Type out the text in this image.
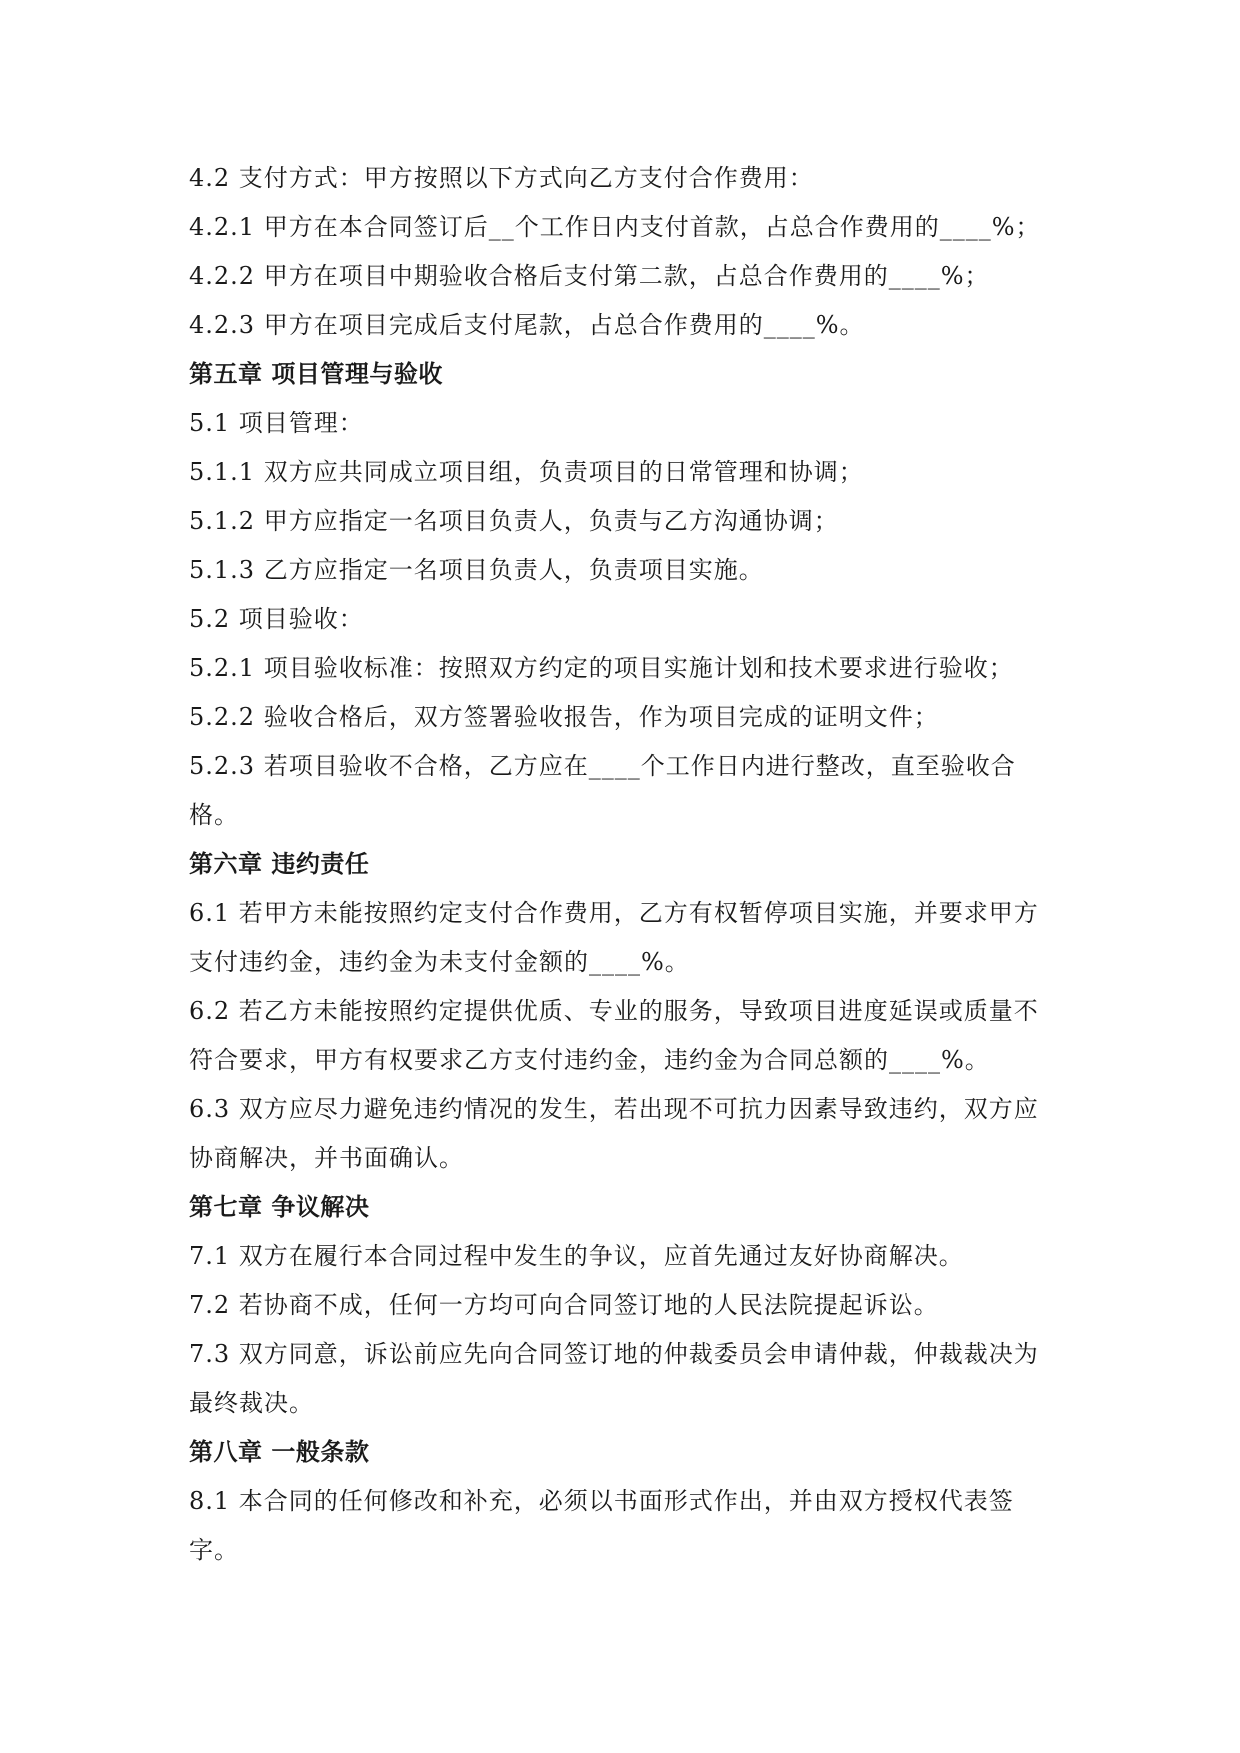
4.2 支付方式：甲方按照以下方式向乙方支付合作费用：
4.2.1 甲方在本合同签订后__个工作日内支付首款，占总合作费用的____%；
4.2.2 甲方在项目中期验收合格后支付第二款，占总合作费用的____%；
4.2.3 甲方在项目完成后支付尾款，占总合作费用的____%。
第五章 项目管理与验收
5.1 项目管理：
5.1.1 双方应共同成立项目组，负责项目的日常管理和协调；
5.1.2 甲方应指定一名项目负责人，负责与乙方沟通协调；
5.1.3 乙方应指定一名项目负责人，负责项目实施。
5.2 项目验收：
5.2.1 项目验收标准：按照双方约定的项目实施计划和技术要求进行验收；
5.2.2 验收合格后，双方签署验收报告，作为项目完成的证明文件；
5.2.3 若项目验收不合格，乙方应在____个工作日内进行整改，直至验收合
格。
第六章 违约责任
6.1 若甲方未能按照约定支付合作费用，乙方有权暂停项目实施，并要求甲方
支付违约金，违约金为未支付金额的____%。
6.2 若乙方未能按照约定提供优质、专业的服务，导致项目进度延误或质量不
符合要求，甲方有权要求乙方支付违约金，违约金为合同总额的____%。
6.3 双方应尽力避免违约情况的发生，若出现不可抗力因素导致违约，双方应
协商解决，并书面确认。
第七章 争议解决
7.1 双方在履行本合同过程中发生的争议，应首先通过友好协商解决。
7.2 若协商不成，任何一方均可向合同签订地的人民法院提起诉讼。
7.3 双方同意，诉讼前应先向合同签订地的仲裁委员会申请仲裁，仲裁裁决为
最终裁决。
第八章 一般条款
8.1 本合同的任何修改和补充，必须以书面形式作出，并由双方授权代表签
字。
